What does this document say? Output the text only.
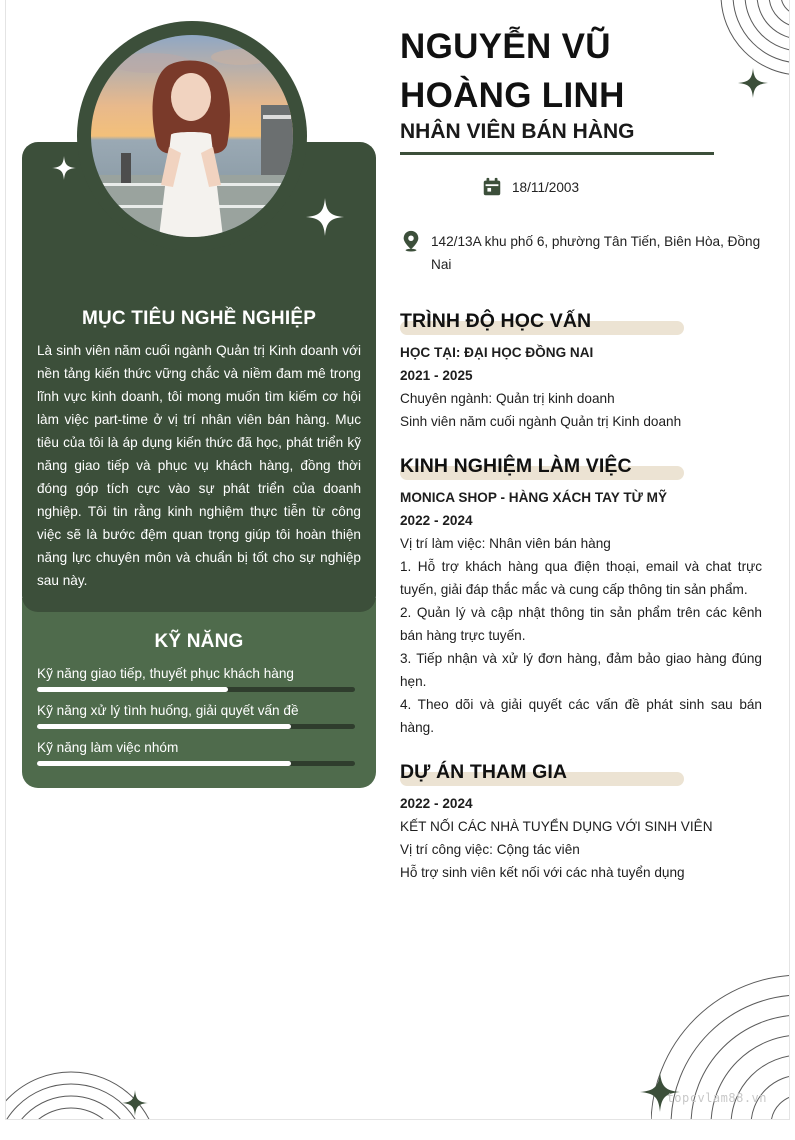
MỤC TIÊU NGHỀ NGHIỆP
Là sinh viên năm cuối ngành Quản trị Kinh doanh với nền tảng kiến thức vững chắc và niềm đam mê trong lĩnh vực kinh doanh, tôi mong muốn tìm kiếm cơ hội làm việc part-time ở vị trí nhân viên bán hàng. Mục tiêu của tôi là áp dụng kiến thức đã học, phát triển kỹ năng giao tiếp và phục vụ khách hàng, đồng thời đóng góp tích cực vào sự phát triển của doanh nghiệp. Tôi tin rằng kinh nghiệm thực tiễn từ công việc sẽ là bước đệm quan trọng giúp tôi hoàn thiện năng lực chuyên môn và chuẩn bị tốt cho sự nghiệp sau này.
KỸ NĂNG
Kỹ năng giao tiếp, thuyết phục khách hàng
Kỹ năng xử lý tình huống, giải quyết vấn đề
Kỹ năng làm việc nhóm
NGUYỄN VŨ
HOÀNG LINH
NHÂN VIÊN BÁN HÀNG
18/11/2003
142/13A khu phố 6, phường Tân Tiến, Biên Hòa, Đồng Nai
TRÌNH ĐỘ HỌC VẤN
HỌC TẠI: ĐẠI HỌC ĐỒNG NAI
2021 - 2025
Chuyên ngành: Quản trị kinh doanh
Sinh viên năm cuối ngành Quản trị Kinh doanh
KINH NGHIỆM LÀM VIỆC
MONICA SHOP - HÀNG XÁCH TAY TỪ MỸ
2022 - 2024
Vị trí làm việc: Nhân viên bán hàng
1. Hỗ trợ khách hàng qua điện thoại, email và chat trực tuyến, giải đáp thắc mắc và cung cấp thông tin sản phẩm.
2. Quản lý và cập nhật thông tin sản phẩm trên các kênh bán hàng trực tuyến.
3. Tiếp nhận và xử lý đơn hàng, đảm bảo giao hàng đúng hẹn.
4. Theo dõi và giải quyết các vấn đề phát sinh sau bán hàng.
DỰ ÁN THAM GIA
2022 - 2024
KẾT NỐI CÁC NHÀ TUYỂN DỤNG VỚI SINH VIÊN
Vị trí công việc: Cộng tác viên
Hỗ trợ sinh viên kết nối với các nhà tuyển dụng
topcvlam88.vn
